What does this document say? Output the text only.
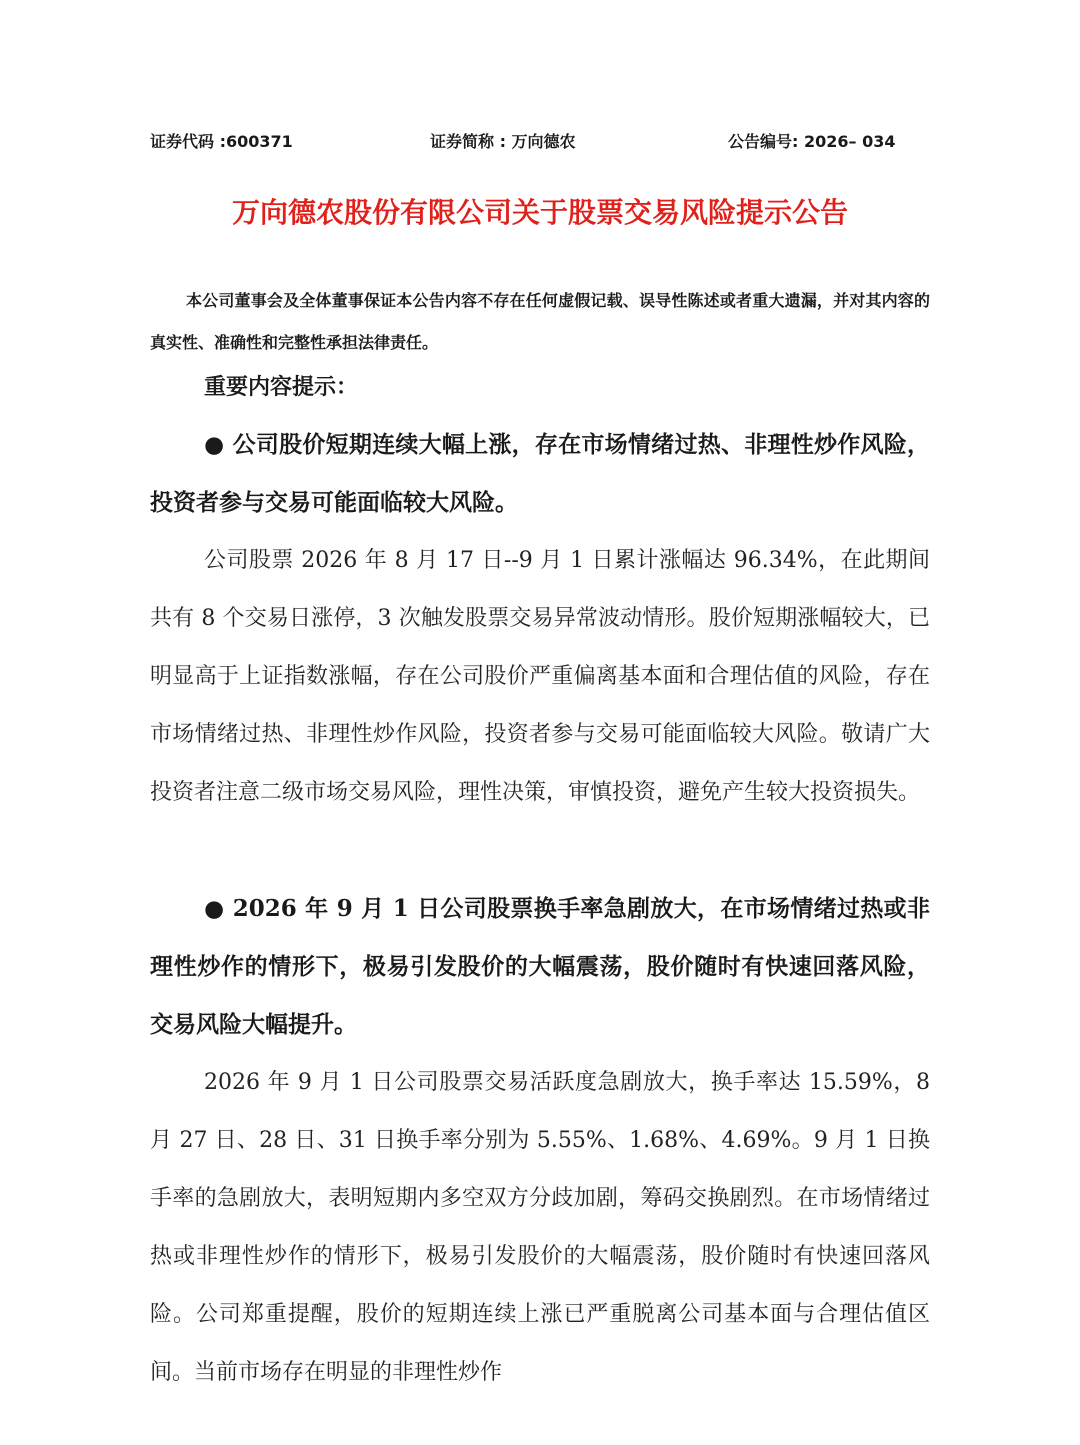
证券代码 :600371	证券简称 : 万向德农	公告编号: 2026– 034
万向德农股份有限公司关于股票交易风险提示公告
本公司董事会及全体董事保证本公告内容不存在任何虚假记载、误导性陈述或者重大遗漏，并对其内容的真实性、准确性和完整性承担法律责任。
重要内容提示：
● 公司股价短期连续大幅上涨，存在市场情绪过热、非理性炒作风险，投资者参与交易可能面临较大风险。
公司股票 2026 年 8 月 17 日--9 月 1 日累计涨幅达 96.34%，在此期间共有 8 个交易日涨停，3 次触发股票交易异常波动情形。股价短期涨幅较大，已明显高于上证指数涨幅，存在公司股价严重偏离基本面和合理估值的风险，存在市场情绪过热、非理性炒作风险，投资者参与交易可能面临较大风险。敬请广大投资者注意二级市场交易风险，理性决策，审慎投资，避免产生较大投资损失。
● 2026 年 9 月 1 日公司股票换手率急剧放大，在市场情绪过热或非理性炒作的情形下，极易引发股价的大幅震荡，股价随时有快速回落风险，交易风险大幅提升。
2026 年 9 月 1 日公司股票交易活跃度急剧放大，换手率达 15.59%，8 月 27 日、28 日、31 日换手率分别为 5.55%、1.68%、4.69%。9 月 1 日换手率的急剧放大，表明短期内多空双方分歧加剧，筹码交换剧烈。在市场情绪过热或非理性炒作的情形下，极易引发股价的大幅震荡，股价随时有快速回落风险。公司郑重提醒，股价的短期连续上涨已严重脱离公司基本面与合理估值区间。当前市场存在明显的非理性炒作
